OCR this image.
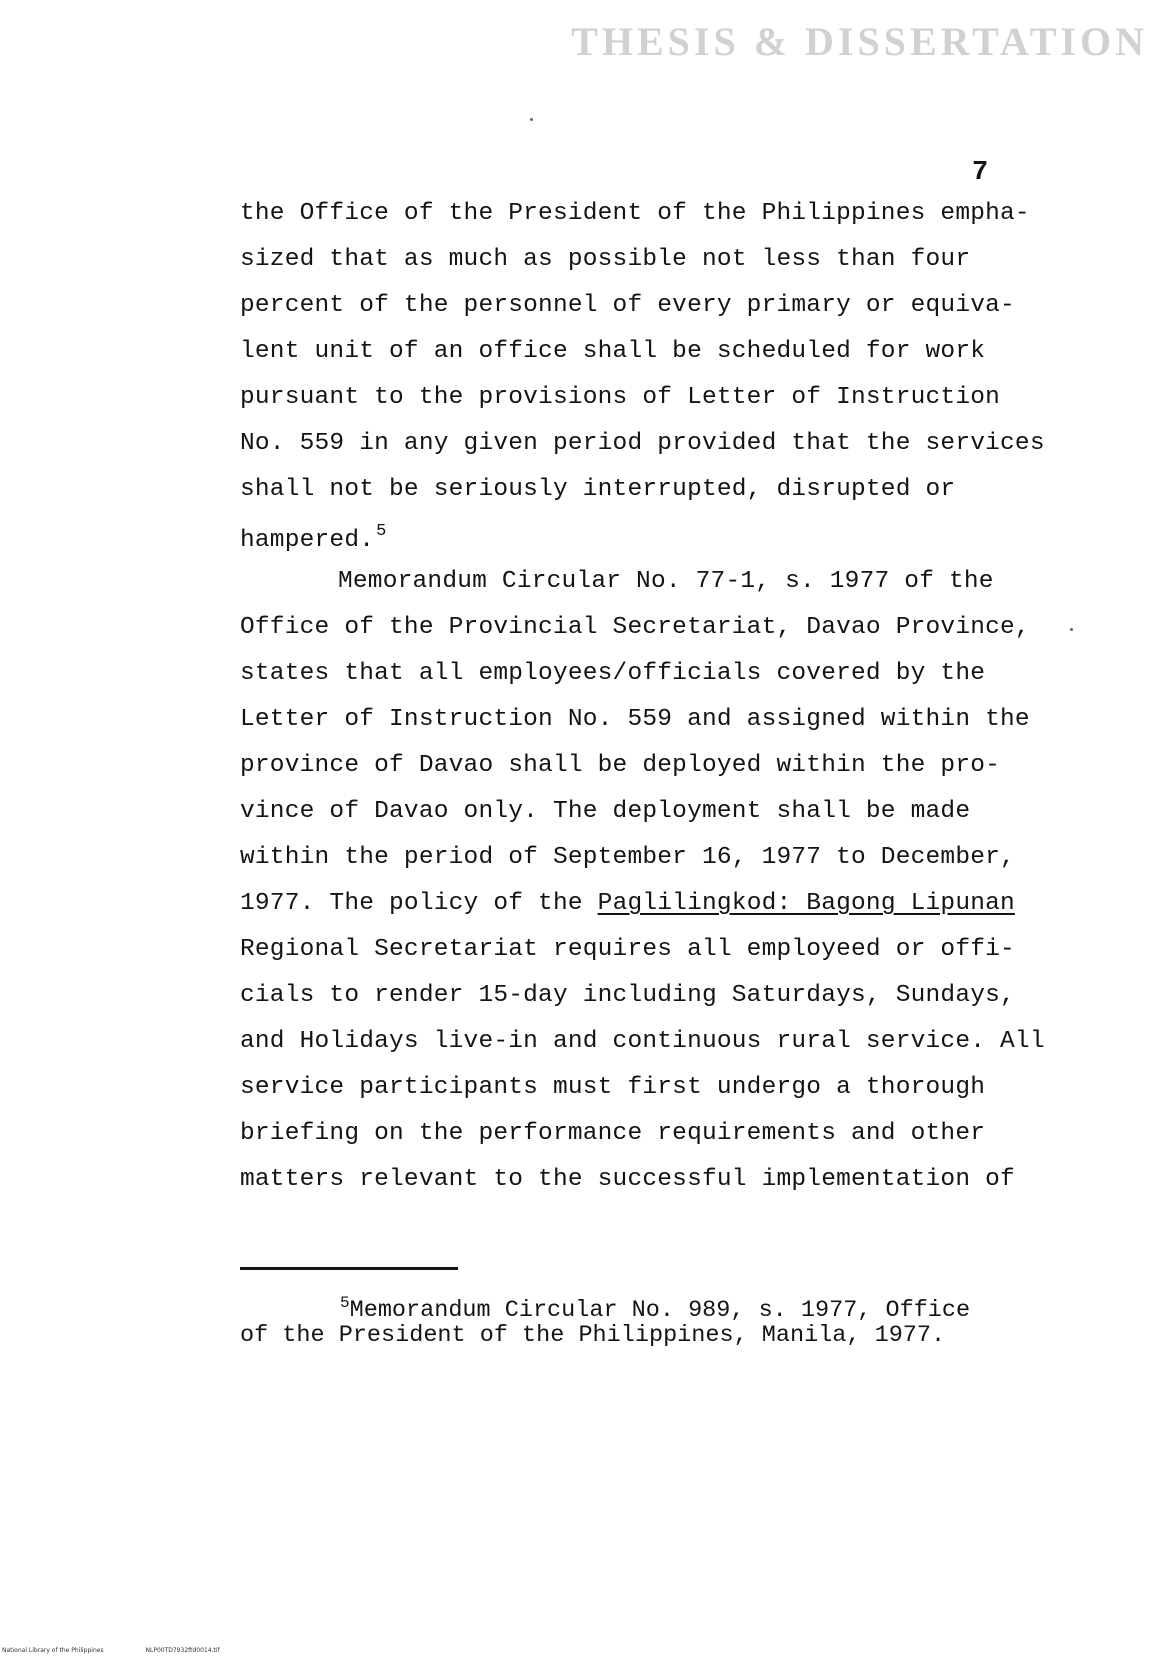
THESIS & DISSERTATION
7
the Office of the President of the Philippines empha-
sized that as much as possible not less than four
percent of the personnel of every primary or equiva-
lent unit of an office shall be scheduled for work
pursuant to the provisions of Letter of Instruction
No. 559 in any given period provided that the services
shall not be seriously interrupted, disrupted or
hampered. $^5$
Memorandum Circular No. 77-1, s. 1977 of the
Office of the Provincial Secretariat, Davao Province,
states that all employees/officials covered by the
Letter of Instruction No. 559 and assigned within the
province of Davao shall be deployed within the pro-
vince of Davao only. The deployment shall be made
within the period of September 16, 1977 to December,
1977. The policy of the Paglilingkod: Bagong Lipunan
Regional Secretariat requires all employeed or offi-
cials to render 15-day including Saturdays, Sundays,
and Holidays live-in and continuous rural service. All
service participants must first undergo a thorough
briefing on the performance requirements and other
matters relevant to the successful implementation of
$^5$Memorandum Circular No. 989, s. 1977, Office
of the President of the Philippines, Manila, 1977.
National Library of the Philippines	NLP00TD7932ftd0014.tif
